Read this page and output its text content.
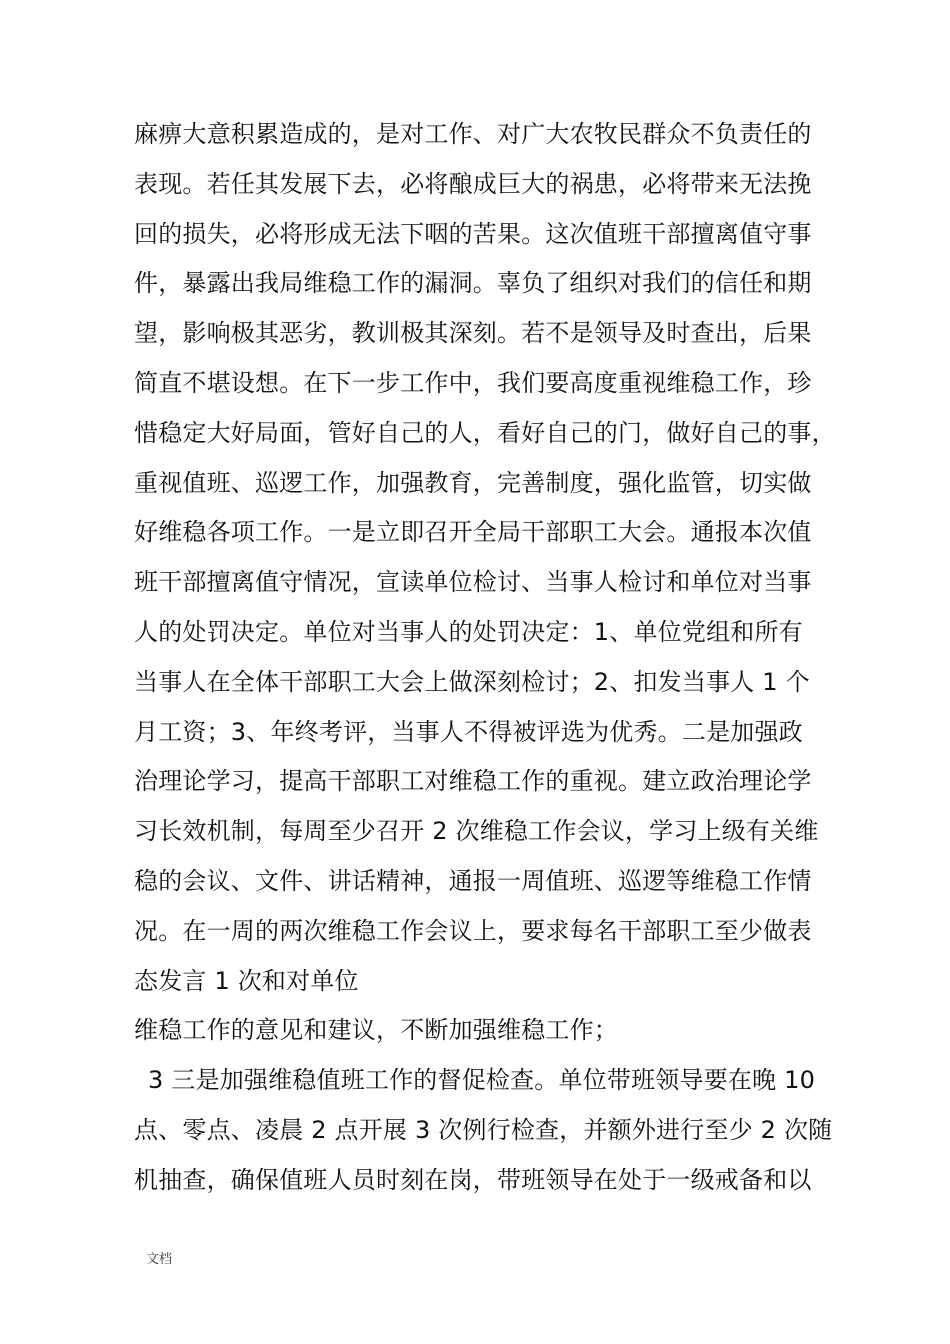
麻痹大意积累造成的，是对工作、对广大农牧民群众不负责任的
表现。若任其发展下去，必将酿成巨大的祸患，必将带来无法挽
回的损失，必将形成无法下咽的苦果。这次值班干部擅离值守事
件，暴露出我局维稳工作的漏洞。辜负了组织对我们的信任和期
望，影响极其恶劣，教训极其深刻。若不是领导及时查出，后果
简直不堪设想。在下一步工作中，我们要高度重视维稳工作，珍
惜稳定大好局面，管好自己的人，看好自己的门，做好自己的事，
重视值班、巡逻工作，加强教育，完善制度，强化监管，切实做
好维稳各项工作。一是立即召开全局干部职工大会。通报本次值
班干部擅离值守情况，宣读单位检讨、当事人检讨和单位对当事
人的处罚决定。单位对当事人的处罚决定：1、单位党组和所有
当事人在全体干部职工大会上做深刻检讨；2、扣发当事人 1 个
月工资；3、年终考评，当事人不得被评选为优秀。二是加强政
治理论学习，提高干部职工对维稳工作的重视。建立政治理论学
习长效机制，每周至少召开 2 次维稳工作会议，学习上级有关维
稳的会议、文件、讲话精神，通报一周值班、巡逻等维稳工作情
况。在一周的两次维稳工作会议上，要求每名干部职工至少做表
态发言 1 次和对单位
维稳工作的意见和建议，不断加强维稳工作；
3 三是加强维稳值班工作的督促检查。单位带班领导要在晚 10
点、零点、凌晨 2 点开展 3 次例行检查，并额外进行至少 2 次随
机抽查，确保值班人员时刻在岗，带班领导在处于一级戒备和以
文档
